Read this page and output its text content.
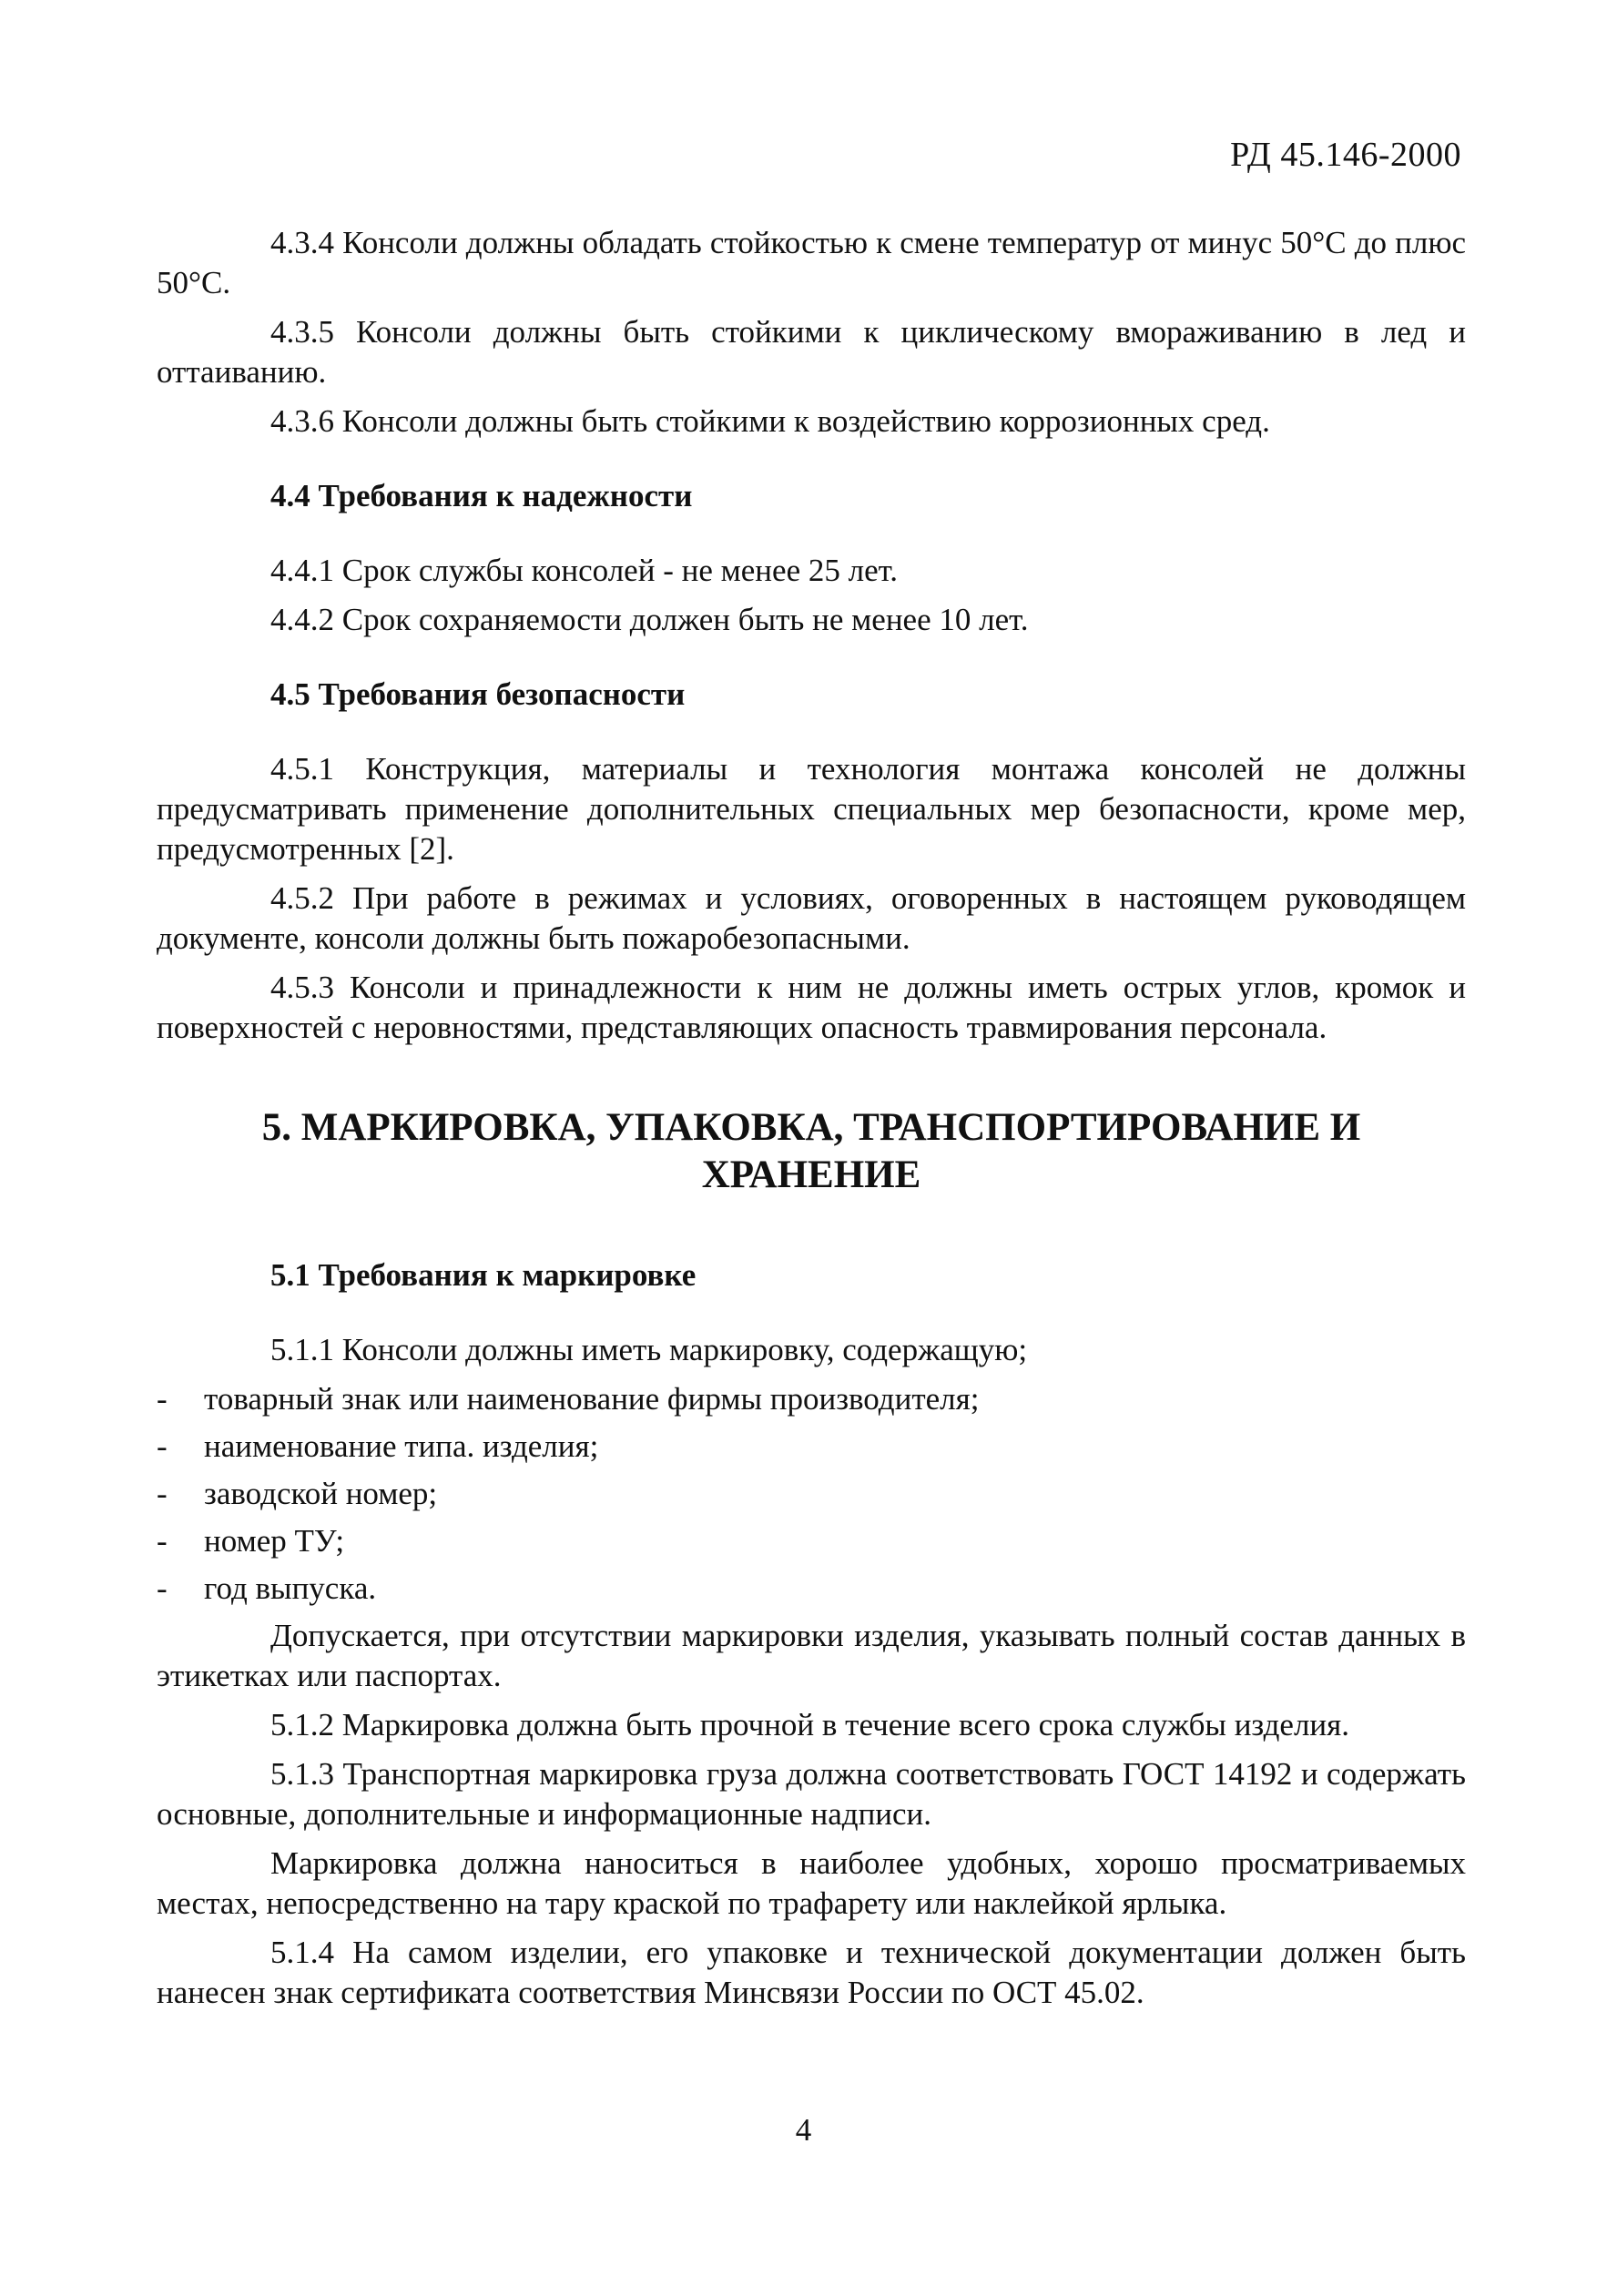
РД 45.146-2000

4.3.4 Консоли должны обладать стойкостью к смене температур от минус 50°С до плюс 50°С.

4.3.5 Консоли должны быть стойкими к циклическому вмораживанию в лед и оттаиванию.

4.3.6 Консоли должны быть стойкими к воздействию коррозионных сред.

4.4 Требования к надежности

4.4.1 Срок службы консолей - не менее 25 лет.

4.4.2 Срок сохраняемости должен быть не менее 10 лет.

4.5 Требования безопасности

4.5.1 Конструкция, материалы и технология монтажа консолей не должны предусматривать применение дополнительных специальных мер безопасности, кроме мер, предусмотренных [2].

4.5.2 При работе в режимах и условиях, оговоренных в настоящем руководящем документе, консоли должны быть пожаробезопасными.

4.5.3 Консоли и принадлежности к ним не должны иметь острых углов, кромок и поверхностей с неровностями, представляющих опасность травмирования персонала.

5. МАРКИРОВКА, УПАКОВКА, ТРАНСПОРТИРОВАНИЕ И ХРАНЕНИЕ
5.1 Требования к маркировке

5.1.1 Консоли должны иметь маркировку, содержащую;

- товарный знак или наименование фирмы производителя;
- наименование типа. изделия;
- заводской номер;
- номер ТУ;
- год выпуска.

Допускается, при отсутствии маркировки изделия, указывать полный состав данных в этикетках или паспортах.

5.1.2 Маркировка должна быть прочной в течение всего срока службы изделия.

5.1.3 Транспортная маркировка груза должна соответствовать ГОСТ 14192 и содержать основные, дополнительные и информационные надписи.

Маркировка должна наноситься в наиболее удобных, хорошо просматриваемых местах, непосредственно на тару краской по трафарету или наклейкой ярлыка.

5.1.4 На самом изделии, его упаковке и технической документации должен быть нанесен знак сертификата соответствия Минсвязи России по ОСТ 45.02.

4
